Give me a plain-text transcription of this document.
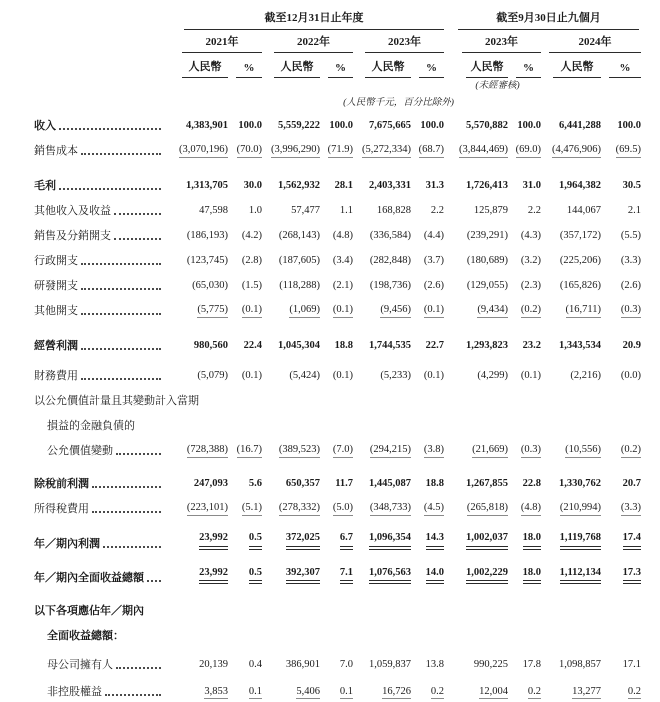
	截至12月31日止年度							截至9月30日止九個月			

	2021年		2022年		2023年			2023年		2024年	

	人民幣	%	人民幣	%	人民幣	%		人民幣	%	人民幣	%

								(未經審核)			

					(人民幣千元，百分比除外)						

收入	4,383,901	100.0	5,559,222	100.0	7,675,665	100.0		5,570,882	100.0	6,441,288	100.0

銷售成本	(3,070,196)	(70.0)	(3,996,290)	(71.9)	(5,272,334)	(68.7)		(3,844,469)	(69.0)	(4,476,906)	(69.5)

毛利	1,313,705	30.0	1,562,932	28.1	2,403,331	31.3		1,726,413	31.0	1,964,382	30.5

其他收入及收益	47,598	1.0	57,477	1.1	168,828	2.2		125,879	2.2	144,067	2.1

銷售及分銷開支	(186,193)	(4.2)	(268,143)	(4.8)	(336,584)	(4.4)		(239,291)	(4.3)	(357,172)	(5.5)

行政開支	(123,745)	(2.8)	(187,605)	(3.4)	(282,848)	(3.7)		(180,689)	(3.2)	(225,206)	(3.3)

研發開支	(65,030)	(1.5)	(118,288)	(2.1)	(198,736)	(2.6)		(129,055)	(2.3)	(165,826)	(2.6)

其他開支	(5,775)	(0.1)	(1,069)	(0.1)	(9,456)	(0.1)		(9,434)	(0.2)	(16,711)	(0.3)

經營利潤	980,560	22.4	1,045,304	18.8	1,744,535	22.7		1,293,823	23.2	1,343,534	20.9

財務費用	(5,079)	(0.1)	(5,424)	(0.1)	(5,233)	(0.1)		(4,299)	(0.1)	(2,216)	(0.0)

以公允價值計量且其變動計入當期											

損益的金融負債的											

公允價值變動	(728,388)	(16.7)	(389,523)	(7.0)	(294,215)	(3.8)		(21,669)	(0.3)	(10,556)	(0.2)

除稅前利潤	247,093	5.6	650,357	11.7	1,445,087	18.8		1,267,855	22.8	1,330,762	20.7

所得稅費用	(223,101)	(5.1)	(278,332)	(5.0)	(348,733)	(4.5)		(265,818)	(4.8)	(210,994)	(3.3)

年／期內利潤	23,992	0.5	372,025	6.7	1,096,354	14.3		1,002,037	18.0	1,119,768	17.4

年／期內全面收益總額	23,992	0.5	392,307	7.1	1,076,563	14.0		1,002,229	18.0	1,112,134	17.3

以下各項應佔年／期內											

全面收益總額：											

母公司擁有人	20,139	0.4	386,901	7.0	1,059,837	13.8		990,225	17.8	1,098,857	17.1

非控股權益	3,853	0.1	5,406	0.1	16,726	0.2		12,004	0.2	13,277	0.2
